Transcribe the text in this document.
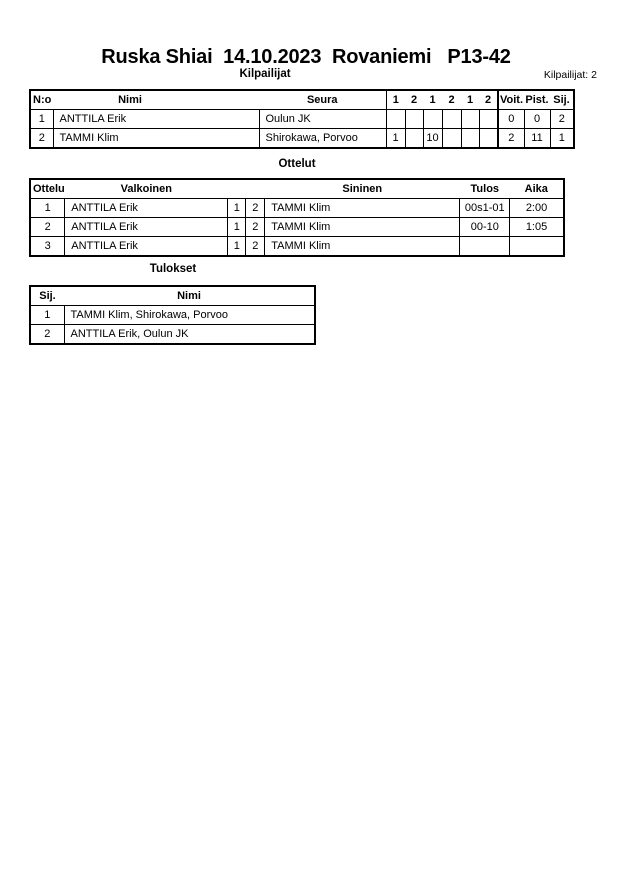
Ruska Shiai  14.10.2023  Rovaniemi   P13-42
Kilpailijat	Kilpailijat: 2
N:o	Nimi	Seura	1	2	1	2	1	2	Voit.	Pist.	Sij.
1	ANTTILA Erik	Oulun JK							0	0	2
2	TAMMI Klim	Shirokawa, Porvoo	1		10				2	11	1
Ottelut
Ottelu	Valkoinen			Sininen	Tulos	Aika
1	ANTTILA Erik	1	2	TAMMI Klim	00s1-01	2:00
2	ANTTILA Erik	1	2	TAMMI Klim	00-10	1:05
3	ANTTILA Erik	1	2	TAMMI Klim		
Tulokset
Sij.	Nimi
1	TAMMI Klim, Shirokawa, Porvoo
2	ANTTILA Erik, Oulun JK
